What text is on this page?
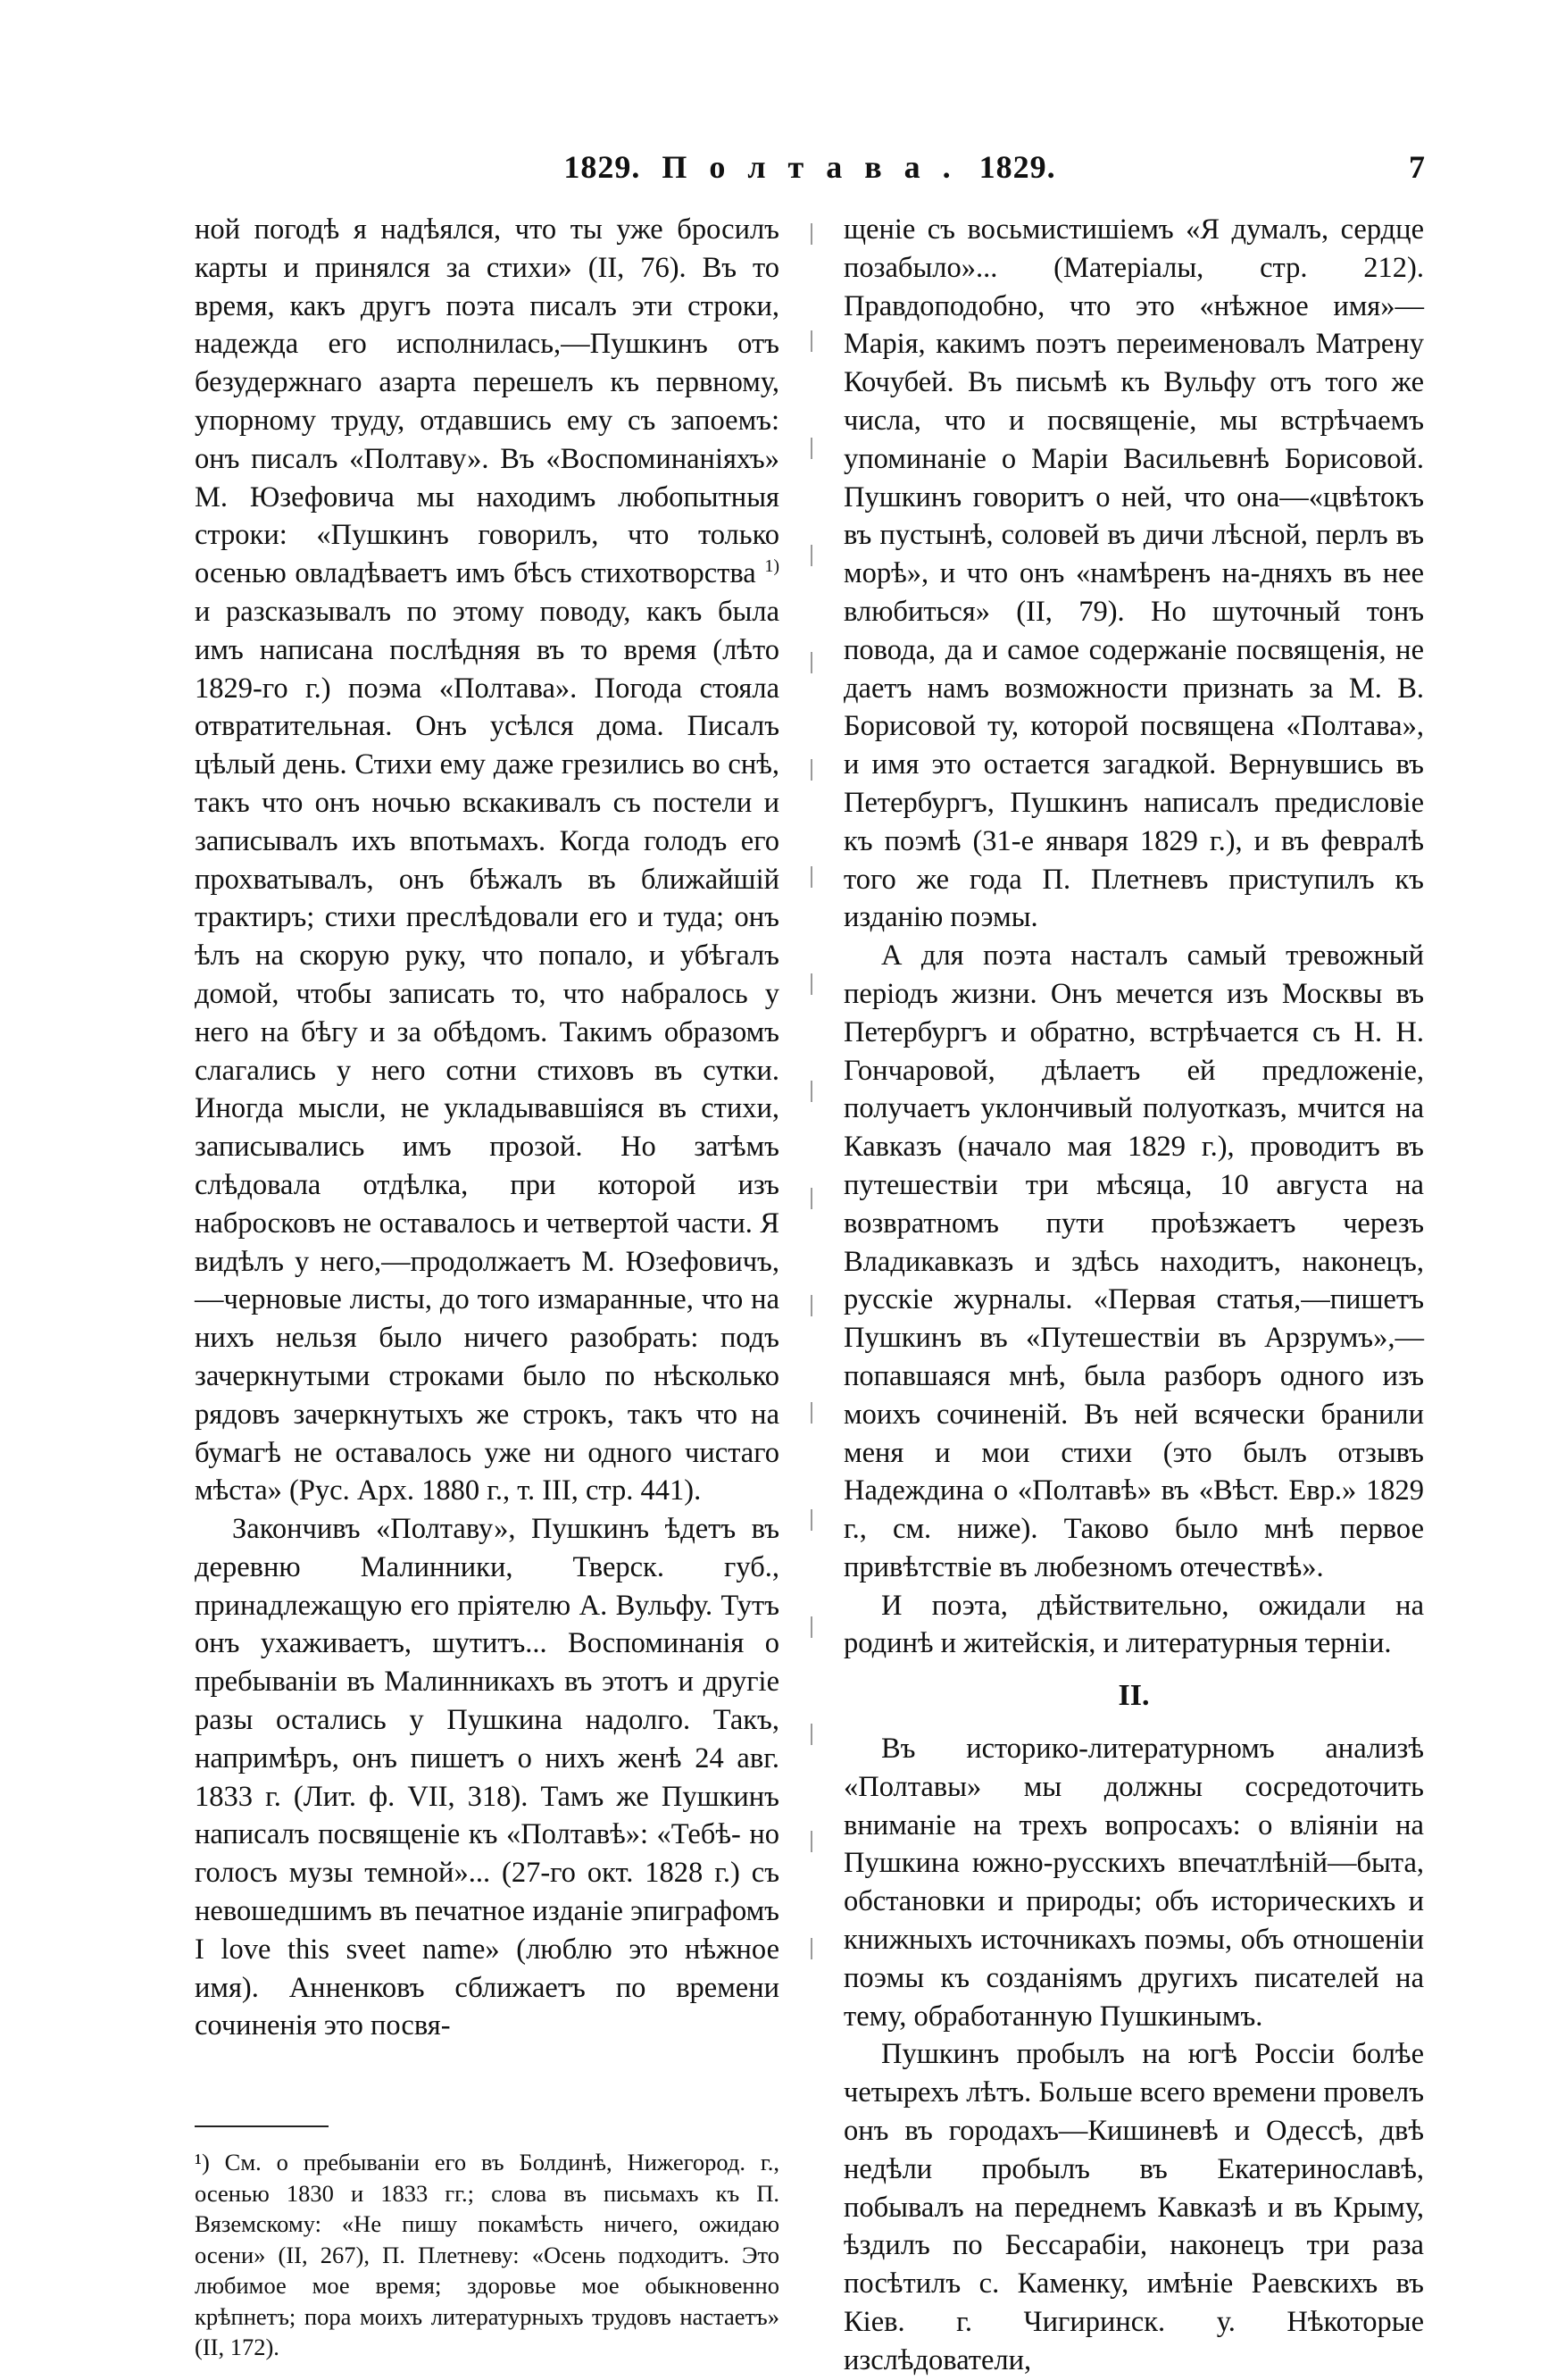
1829. П о л т а в а . 1829.	7

ной погодѣ я надѣялся, что ты уже бросилъ карты и принялся за стихи» (II, 76). Въ то время, какъ другъ поэта писалъ эти строки, надежда его исполнилась,—Пушкинъ отъ безудержнаго азарта перешелъ къ первному, упорному труду, отдавшись ему съ запоемъ: онъ писалъ «Полтаву». Въ «Воспоминаніяхъ» М. Юзефовича мы находимъ любопытныя строки: «Пушкинъ говорилъ, что только осенью овладѣваетъ имъ бѣсъ стихотворства $^{1)}$ и разсказывалъ по этому поводу, какъ была имъ написана послѣдняя въ то время (лѣто 1829-го г.) поэма «Полтава». Погода стояла отвратительная. Онъ усѣлся дома. Писалъ цѣлый день. Стихи ему даже грезились во снѣ, такъ что онъ ночью вскакивалъ съ постели и записывалъ ихъ впотьмахъ. Когда голодъ его прохватывалъ, онъ бѣжалъ въ ближайшій трактиръ; стихи преслѣдовали его и туда; онъ ѣлъ на скорую руку, что попало, и убѣгалъ домой, чтобы записать то, что набралось у него на бѣгу и за обѣдомъ. Такимъ образомъ слагались у него сотни стиховъ въ сутки. Иногда мысли, не укладывавшіяся въ стихи, записывались имъ прозой. Но затѣмъ слѣдовала отдѣлка, при которой изъ набросковъ не оставалось и четвертой части. Я видѣлъ у него,—продолжаетъ М. Юзефовичъ,—черновые листы, до того измаранные, что на нихъ нельзя было ничего разобрать: подъ зачеркнутыми строками было по нѣсколько рядовъ зачеркнутыхъ же строкъ, такъ что на бумагѣ не оставалось уже ни одного чистаго мѣста» (Рус. Арх. 1880 г., т. III, стр. 441).

Закончивъ «Полтаву», Пушкинъ ѣдетъ въ деревню Малинники, Тверск. губ., принадлежащую его пріятелю А. Вульфу. Тутъ онъ ухаживаетъ, шутитъ... Воспоминанія о пребываніи въ Малинникахъ въ этотъ и другіе разы остались у Пушкина надолго. Такъ, напримѣръ, онъ пишетъ о нихъ женѣ 24 авг. 1833 г. (Лит. ф. VII, 318). Тамъ же Пушкинъ написалъ посвященіе къ «Полтавѣ»: «Тебѣ- но голосъ музы темной»... (27-го окт. 1828 г.) съ невошедшимъ въ печатное изданіе эпиграфомъ I love this sveet name» (люблю это нѣжное имя). Анненковъ сближаетъ по времени сочиненія это посвя-

¹) См. о пребываніи его въ Болдинѣ, Нижегород. г., осенью 1830 и 1833 гг.; слова въ письмахъ къ П. Вяземскому: «Не пишу покамѣсть ничего, ожидаю осени» (II, 267), П. Плетневу: «Осень подходитъ. Это любимое мое время; здоровье мое обыкновенно крѣпнетъ; пора моихъ литературныхъ трудовъ настаетъ» (II, 172).

щеніе съ восьмистишіемъ «Я думалъ, сердце позабыло»... (Матеріалы, стр. 212). Правдоподобно, что это «нѣжное имя»—Марія, какимъ поэтъ переименовалъ Матрену Кочубей. Въ письмѣ къ Вульфу отъ того же числа, что и посвященіе, мы встрѣчаемъ упоминаніе о Маріи Васильевнѣ Борисовой. Пушкинъ говоритъ о ней, что она—«цвѣтокъ въ пустынѣ, соловей въ дичи лѣсной, перлъ въ морѣ», и что онъ «намѣренъ на-дняхъ въ нее влюбиться» (II, 79). Но шуточный тонъ повода, да и самое содержаніе посвященія, не даетъ намъ возможности признать за М. В. Борисовой ту, которой посвящена «Полтава», и имя это остается загадкой. Вернувшись въ Петербургъ, Пушкинъ написалъ предисловіе къ поэмѣ (31-е января 1829 г.), и въ февралѣ того же года П. Плетневъ приступилъ къ изданію поэмы.

А для поэта насталъ самый тревожный періодъ жизни. Онъ мечется изъ Москвы въ Петербургъ и обратно, встрѣчается съ Н. Н. Гончаровой, дѣлаетъ ей предложеніе, получаетъ уклончивый полуотказъ, мчится на Кавказъ (начало мая 1829 г.), проводитъ въ путешествіи три мѣсяца, 10 августа на возвратномъ пути проѣзжаетъ черезъ Владикавказъ и здѣсь находитъ, наконецъ, русскіе журналы. «Первая статья,—пишетъ Пушкинъ въ «Путешествіи въ Арзрумъ»,—попавшаяся мнѣ, была разборъ одного изъ моихъ сочиненій. Въ ней всячески бранили меня и мои стихи (это былъ отзывъ Надеждина о «Полтавѣ» въ «Вѣст. Евр.» 1829 г., см. ниже). Таково было мнѣ первое привѣтствіе въ любезномъ отечествѣ».

И поэта, дѣйствительно, ожидали на родинѣ и житейскія, и литературныя терніи.

II.

Въ историко-литературномъ анализѣ «Полтавы» мы должны сосредоточить вниманіе на трехъ вопросахъ: о вліяніи на Пушкина южно-русскихъ впечатлѣній—быта, обстановки и природы; объ историческихъ и книжныхъ источникахъ поэмы, объ отношеніи поэмы къ созданіямъ другихъ писателей на тему, обработанную Пушкинымъ.

Пушкинъ пробылъ на югѣ Россіи болѣе четырехъ лѣтъ. Больше всего времени провелъ онъ въ городахъ—Кишиневѣ и Одессѣ, двѣ недѣли пробылъ въ Екатеринославѣ, побывалъ на переднемъ Кавказѣ и въ Крыму, ѣздилъ по Бессарабіи, наконецъ три раза посѣтилъ с. Каменку, имѣніе Раевскихъ въ Кіев. г. Чигиринск. у. Нѣкоторые изслѣдователи,
